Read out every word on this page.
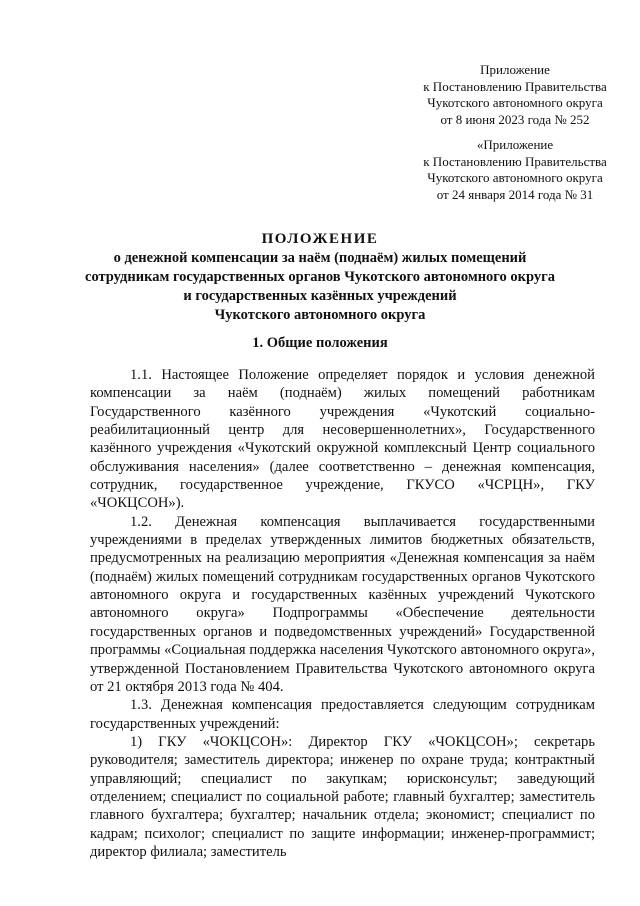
Приложение
к Постановлению Правительства
Чукотского автономного округа
от 8 июня 2023 года № 252
«Приложение
к Постановлению Правительства
Чукотского автономного округа
от 24 января 2014 года № 31
ПОЛОЖЕНИЕ
о денежной компенсации за наём (поднаём) жилых помещений
сотрудникам государственных органов Чукотского автономного округа
и государственных казённых учреждений
Чукотского автономного округа
1. Общие положения

1.1. Настоящее Положение определяет порядок и условия денежной компенсации за наём (поднаём) жилых помещений работникам Государственного казённого учреждения «Чукотский социально-реабилитационный центр для несовершеннолетних», Государственного казённого учреждения «Чукотский окружной комплексный Центр социального обслуживания населения» (далее соответственно – денежная компенсация, сотрудник, государственное учреждение, ГКУСО «ЧСРЦН», ГКУ «ЧОКЦСОН»).

1.2. Денежная компенсация выплачивается государственными учреждениями в пределах утвержденных лимитов бюджетных обязательств, предусмотренных на реализацию мероприятия «Денежная компенсация за наём (поднаём) жилых помещений сотрудникам государственных органов Чукотского автономного округа и государственных казённых учреждений Чукотского автономного округа» Подпрограммы «Обеспечение деятельности государственных органов и подведомственных учреждений» Государственной программы «Социальная поддержка населения Чукотского автономного округа», утвержденной Постановлением Правительства Чукотского автономного округа от 21 октября 2013 года № 404.

1.3. Денежная компенсация предоставляется следующим сотрудникам государственных учреждений:

1) ГКУ «ЧОКЦСОН»: Директор ГКУ «ЧОКЦСОН»; секретарь руководителя; заместитель директора; инженер по охране труда; контрактный управляющий; специалист по закупкам; юрисконсульт; заведующий отделением; специалист по социальной работе; главный бухгалтер; заместитель главного бухгалтера; бухгалтер; начальник отдела; экономист; специалист по кадрам; психолог; специалист по защите информации; инженер-программист; директор филиала; заместитель
